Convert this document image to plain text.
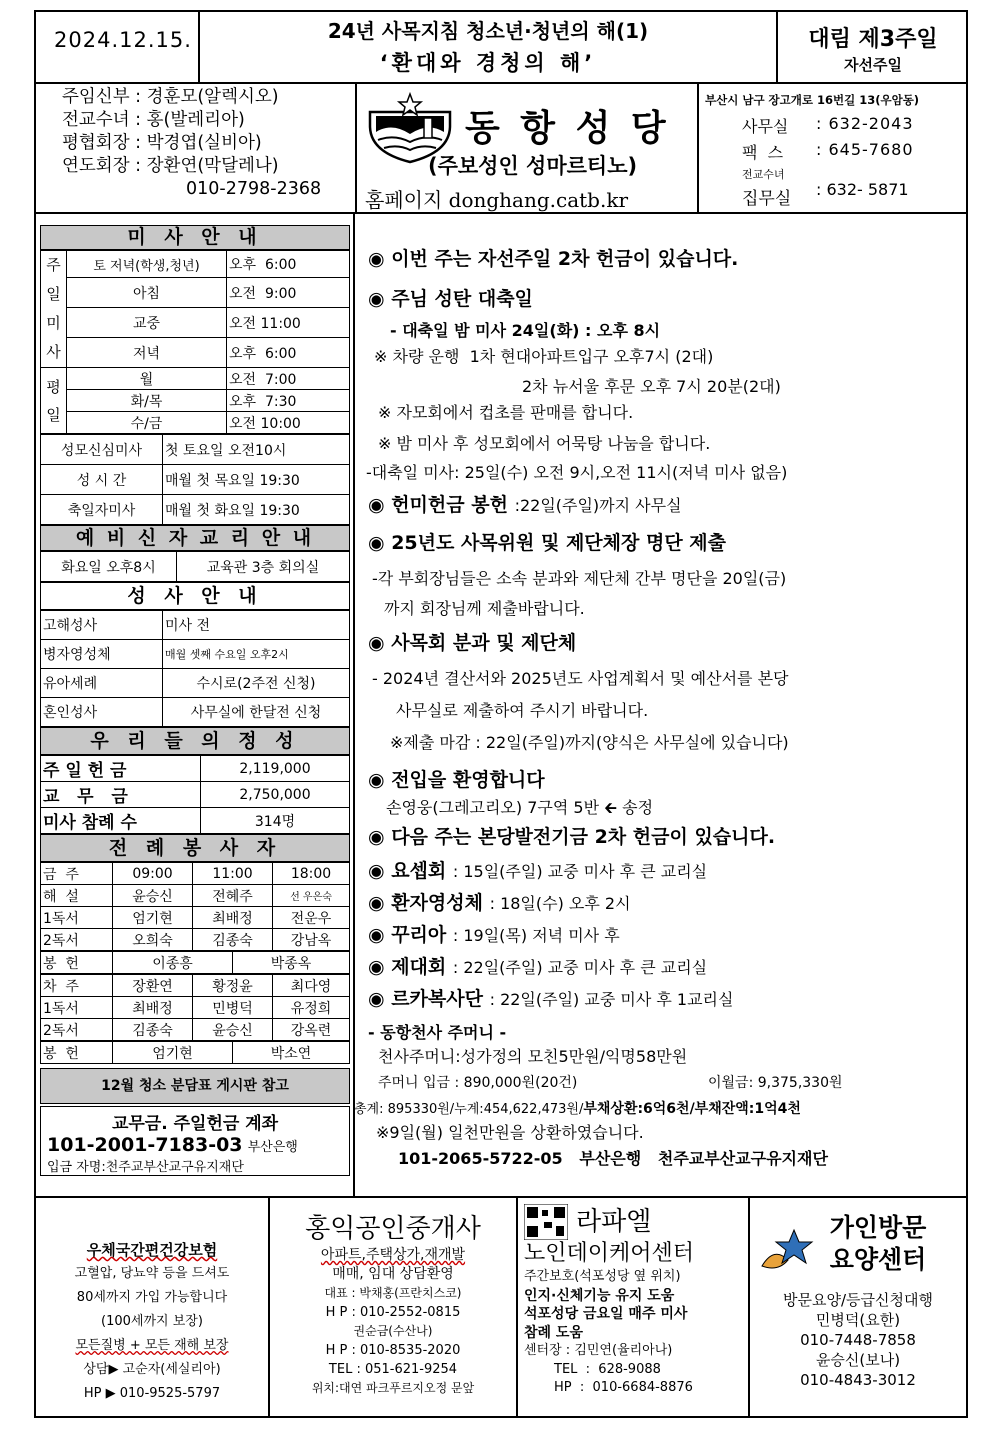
2024.12.15.	24년 사목지침 청소년·청년의 해(1)
‘환대와 경청의 해’
대림 제3주일
자선주일
주임신부 : 경훈모(알렉시오)
전교수녀 : 홍(발레리아)
평협회장 : 박경엽(실비아)
연도회장 : 장환연(막달레나)
010-2798-2368
동 항 성 당
(주보성인 성마르티노)
홈페이지 donghang.catb.kr
부산시 남구 장고개로 16번길 13(우암동)
사무실 : 632-2043
팩  스 : 645-7680
전교수녀
집무실 : 632- 5871
미 사 안 내
주
일
미
사	토 저녁(학생,청년)	오후  6:00
	아침	오전  9:00
	교중	오전 11:00
	저녁	오후  6:00

평
일	월	오전  7:00
	화/목	오후  7:30
	수/금	오전 10:00
성모신심미사	첫 토요일 오전10시
성 시 간	매월 첫 목요일 19:30
축일자미사	매월 첫 화요일 19:30
예 비 신 자 교 리 안 내
화요일 오후8시	교육관 3층 회의실
성 사 안 내
고해성사	미사 전
병자영성체	매월 셋째 수요일 오후2시
유아세례	수시로(2주전 신청)
혼인성사	사무실에 한달전 신청
우 리 들 의 정 성
주 일 헌 금	2,119,000
교   무   금	2,750,000
미사 참례 수	314명
전 례 봉 사 자
금  주	09:00	11:00	18:00
해  설	윤승신	전혜주	선 우은숙
1독서	엄기현	최배정	전운우
2독서	오희숙	김종숙	강남옥
봉  헌	이종흥	박종옥
차  주	장환연	황정윤	최다영
1독서	최배정	민병덕	유정희
2독서	김종숙	윤승신	강옥련
봉  헌	엄기현	박소연
12월 청소 분담표 게시판 참고
교무금. 주일헌금 계좌
101-2001-7183-03 부산은행
입금 자명:천주교부산교구유지재단
◉ 이번 주는 자선주일 2차 헌금이 있습니다.
◉ 주님 성탄 대축일
- 대축일 밤 미사 24일(화) : 오후 8시
※ 차량 운행  1차 현대아파트입구 오후7시 (2대)
2차 뉴서울 후문 오후 7시 20분(2대)
※ 자모회에서 컵초를 판매를 합니다.
※ 밤 미사 후 성모회에서 어묵탕 나눔을 합니다.
-대축일 미사: 25일(수) 오전 9시,오전 11시(저녁 미사 없음)
◉ 헌미헌금 봉헌 :22일(주일)까지 사무실
◉ 25년도 사목위원 및 제단체장 명단 제출
-각 부회장님들은 소속 분과와 제단체 간부 명단을 20일(금)
까지 회장님께 제출바랍니다.
◉ 사목회 분과 및 제단체
- 2024년 결산서와 2025년도 사업계획서 및 예산서를 본당
사무실로 제출하여 주시기 바랍니다.
※제출 마감 : 22일(주일)까지(양식은 사무실에 있습니다)
◉ 전입을 환영합니다
손영웅(그레고리오) 7구역 5반 🡰 송정
◉ 다음 주는 본당발전기금 2차 헌금이 있습니다.
◉ 요셉회 : 15일(주일) 교중 미사 후 큰 교리실
◉ 환자영성체 : 18일(수) 오후 2시
◉ 꾸리아 : 19일(목) 저녁 미사 후
◉ 제대회 : 22일(주일) 교중 미사 후 큰 교리실
◉ 르카복사단 : 22일(주일) 교중 미사 후 1교리실
- 동항천사 주머니 -
천사주머니:성가정의 모친5만원/익명58만원
주머니 입금 : 890,000원(20건)	이월금: 9,375,330원
총계: 895330원/누계:454,622,473원/부채상환:6억6천/부채잔액:1억4천
※9일(월) 일천만원을 상환하였습니다.
101-2065-5722-05   부산은행   천주교부산교구유지재단
우체국간편건강보험
고혈압, 당뇨약 등을 드셔도
80세까지 가입 가능합니다
(100세까지 보장)
모든질병 + 모든 재해 보장
상담▶ 고순자(세실리아)
HP ▶ 010-9525-5797
홍익공인중개사
아파트,주택상가,재개발
매매, 임대 상담환영
대표 : 박채홍(프란치스코)
H P : 010-2552-0815
권순금(수산나)
H P : 010-8535-2020
TEL : 051-621-9254
위치:대연 파크푸르지오정 문앞
라파엘
노인데이케어센터
주간보호(석포성당 옆 위치)
인지·신체기능 유지 도움
석포성당 금요일 매주 미사
참례 도움
센터장 : 김민연(율리아나)
TEL  :  628-9088
HP  :  010-6684-8876
가인방문
요양센터
방문요양/등급신청대행
민병덕(요한)
010-7448-7858
윤승신(보나)
010-4843-3012
